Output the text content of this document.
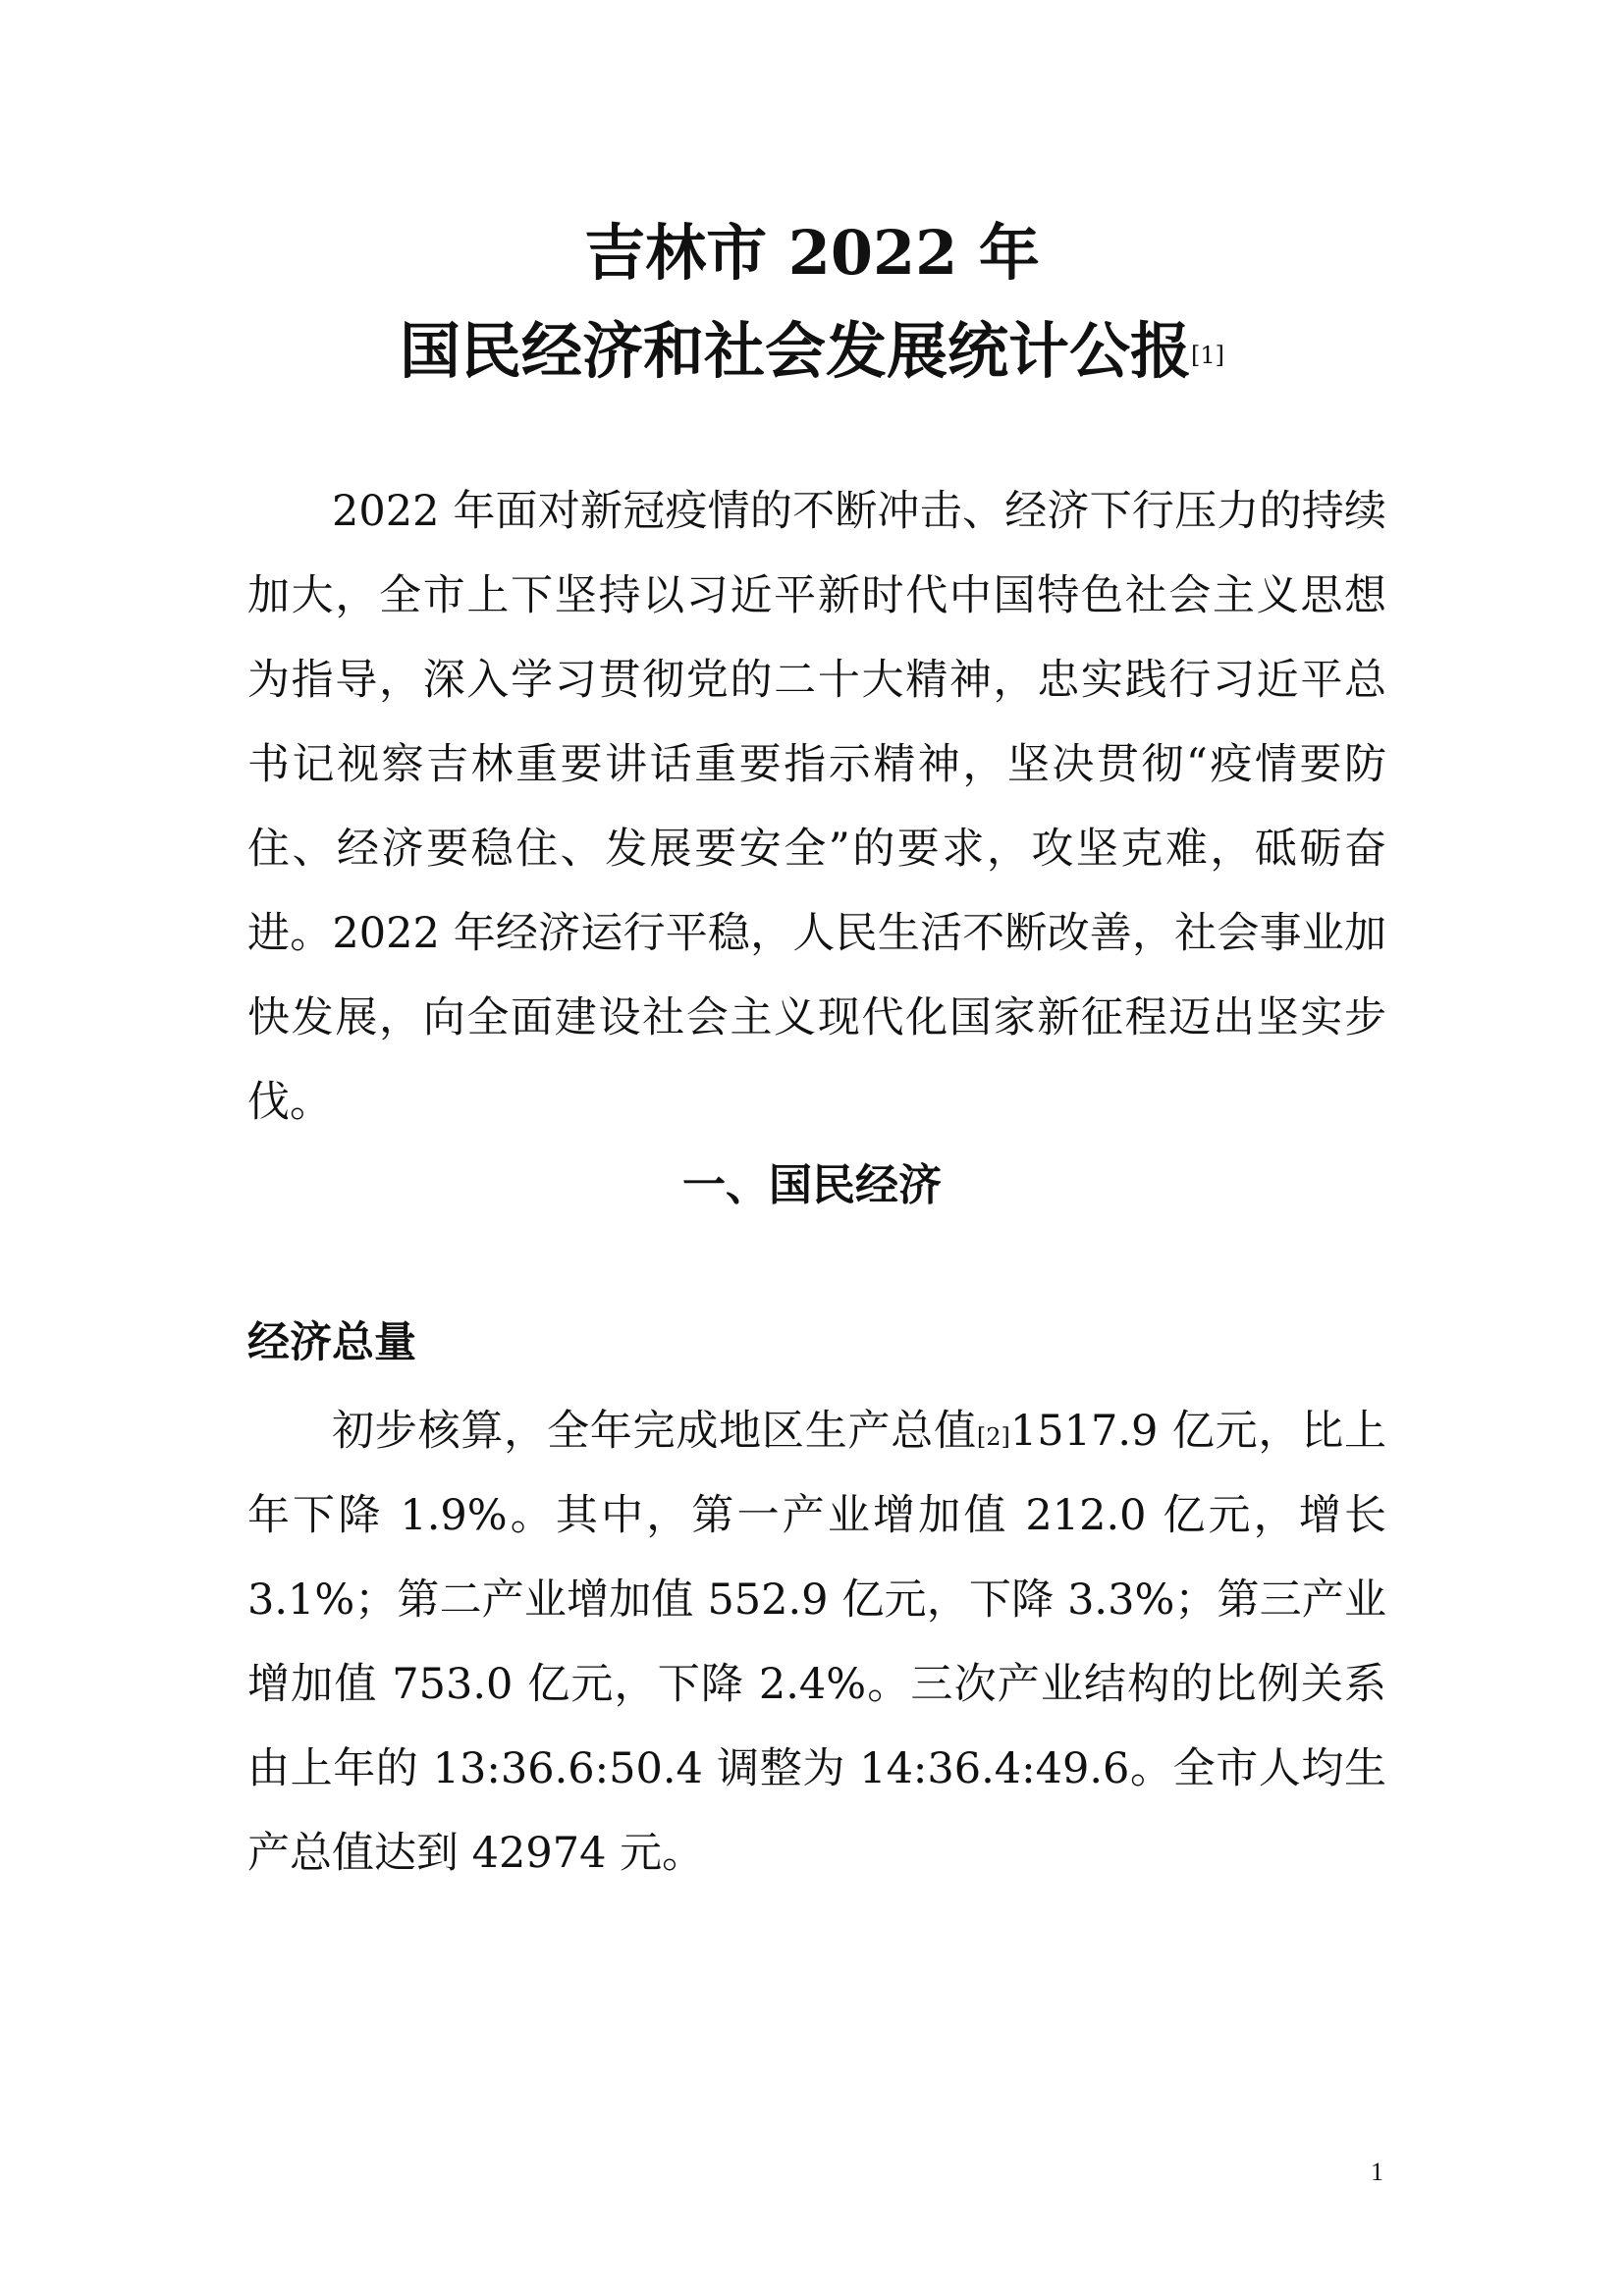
吉林市 2022 年
国民经济和社会发展统计公报[1]

2022 年面对新冠疫情的不断冲击、经济下行压力的持续加大，全市上下坚持以习近平新时代中国特色社会主义思想为指导，深入学习贯彻党的二十大精神，忠实践行习近平总书记视察吉林重要讲话重要指示精神，坚决贯彻“疫情要防住、经济要稳住、发展要安全”的要求，攻坚克难，砥砺奋进。2022 年经济运行平稳，人民生活不断改善，社会事业加快发展，向全面建设社会主义现代化国家新征程迈出坚实步伐。

一、国民经济
经济总量

初步核算，全年完成地区生产总值[2]1517.9 亿元，比上年下降 1.9%。其中，第一产业增加值 212.0 亿元，增长 3.1%；第二产业增加值 552.9 亿元，下降 3.3%；第三产业增加值 753.0 亿元，下降 2.4%。三次产业结构的比例关系由上年的 13:36.6:50.4 调整为 14:36.4:49.6。全市人均生产总值达到 42974 元。

1
